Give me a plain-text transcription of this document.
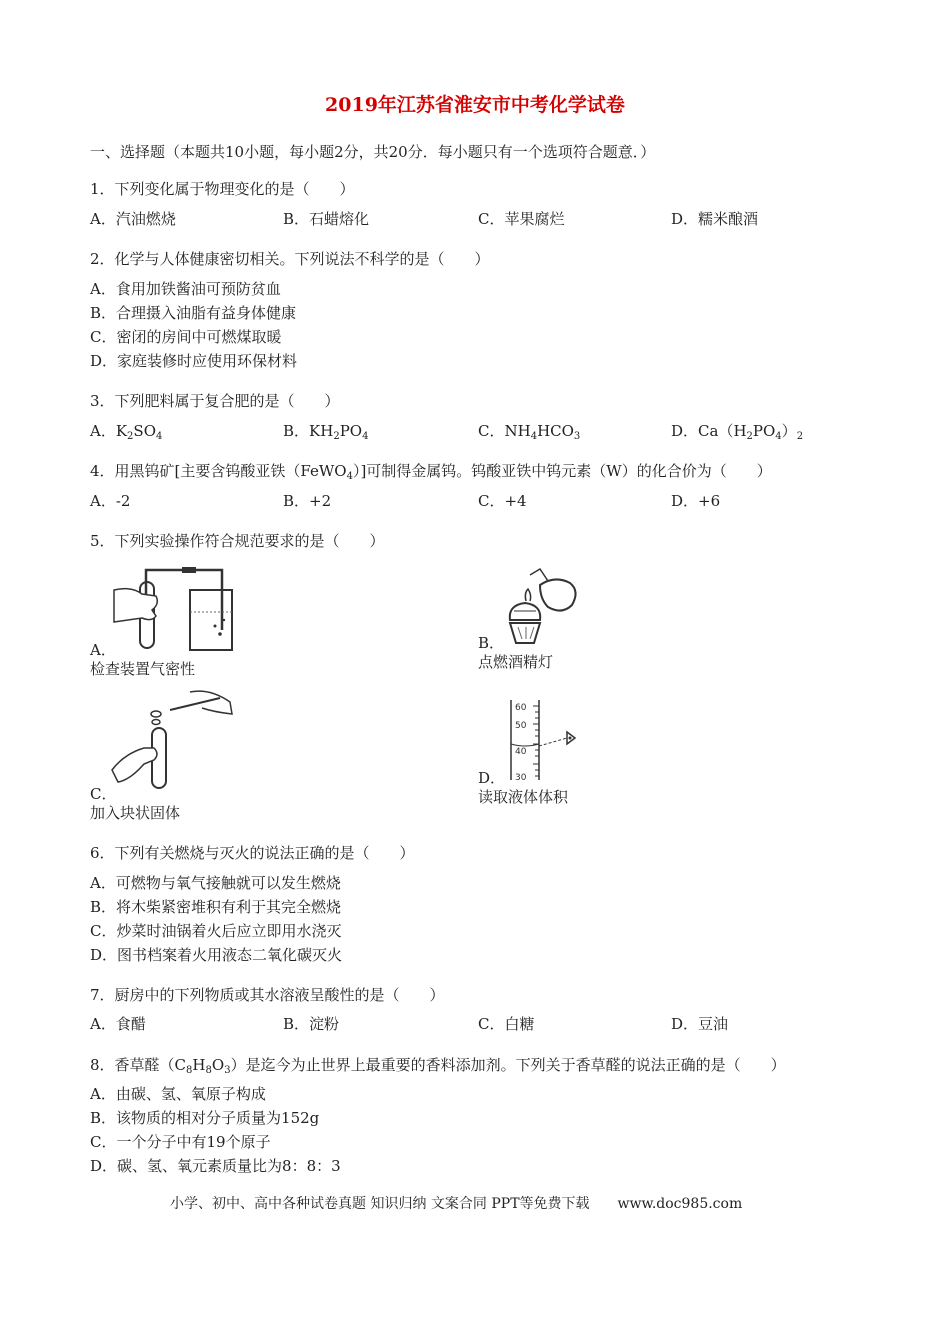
2019年江苏省淮安市中考化学试卷
一、选择题（本题共10小题，每小题2分，共20分．每小题只有一个选项符合题意．）
1．下列变化属于物理变化的是（　　）
A．汽油燃烧	B．石蜡熔化	C．苹果腐烂	D．糯米酿酒
2．化学与人体健康密切相关。下列说法不科学的是（　　）
A．食用加铁酱油可预防贫血
B．合理摄入油脂有益身体健康
C．密闭的房间中可燃煤取暖
D．家庭装修时应使用环保材料
3．下列肥料属于复合肥的是（　　）
A．$K_2SO_4$	B．$KH_2PO_4$	C．$NH_4HCO_3$	D．$Ca(H_2PO_4)_2$
4．用黑钨矿[主要含钨酸亚铁（FeWO$_4$）]可制得金属钨。钨酸亚铁中钨元素（W）的化合价为（　　）
A．-2	B．+2	C．+4	D．+6
5．下列实验操作符合规范要求的是（　　）
A．
检查装置气密性
B．
点燃酒精灯
C．
加入块状固体
60
50
40
30
D．
读取液体体积
6．下列有关燃烧与灭火的说法正确的是（　　）
A．可燃物与氧气接触就可以发生燃烧
B．将木柴紧密堆积有利于其完全燃烧
C．炒菜时油锅着火后应立即用水浇灭
D．图书档案着火用液态二氧化碳灭火
7．厨房中的下列物质或其水溶液呈酸性的是（　　）
A．食醋	B．淀粉	C．白糖	D．豆油
8．香草醛$(C_8H_8O_3)$是迄今为止世界上最重要的香料添加剂。下列关于香草醛的说法正确的是（　　）
A．由碳、氢、氧原子构成
B．该物质的相对分子质量为152g
C．一个分子中有19个原子
D．碳、氢、氧元素质量比为8：8：3
小学、初中、高中各种试卷真题 知识归纳 文案合同 PPT等免费下载 www.doc985.com
